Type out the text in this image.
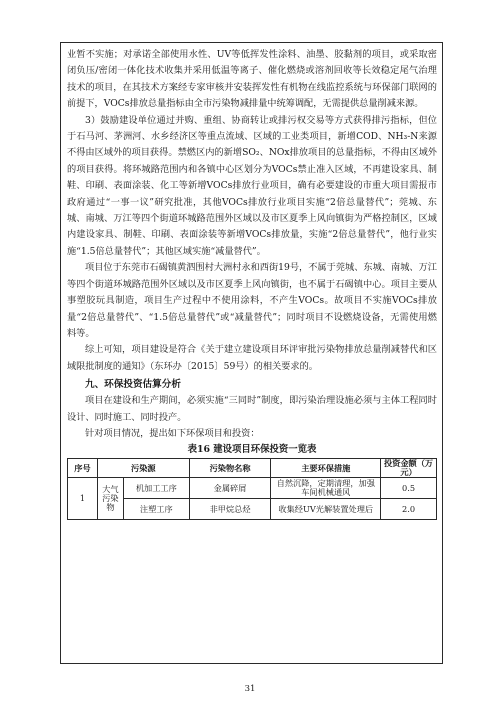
业暂不实施；对承诺全部使用水性、UV等低挥发性涂料、油墨、胶黏剂的项目，或采取密闭负压/密闭一体化技术收集并采用低温等离子、催化燃烧或溶剂回收等长效稳定尾气治理技术的项目，在其技术方案经专家审核并安装挥发性有机物在线监控系统与环保部门联网的前提下，VOCs排放总量指标由全市污染物减排量中统筹调配，无需提供总量削减来源。

3）鼓励建设单位通过并购、重组、协商转让或排污权交易等方式获得排污指标，但位于石马河、茅洲河、水乡经济区等重点流域、区域的工业类项目，新增COD、NH₃-N来源不得由区域外的项目获得。禁燃区内的新增SO₂、NOx排放项目的总量指标，不得由区域外的项目获得。将环城路范围内和各镇中心区划分为VOCs禁止准入区域，不再建设家具、制鞋、印刷、表面涂装、化工等新增VOCs排放行业项目，确有必要建设的市重大项目需报市政府通过“一事一议”研究批准，其他VOCs排放行业项目实施“2倍总量替代”；莞城、东城、南城、万江等四个街道环城路范围外区域以及市区夏季上风向镇街为严格控制区，区域内建设家具、制鞋、印刷、表面涂装等新增VOCs排放量，实施“2倍总量替代”，他行业实施“1.5倍总量替代”；其他区域实施“减量替代”。

项目位于东莞市石碣镇黄泗围村大洲村永和西街19号，不属于莞城、东城、南城、万江等四个街道环城路范围外区域以及市区夏季上风向镇街，也不属于石碣镇中心。项目主要从事塑胶玩具制造，项目生产过程中不使用涂料，不产生VOCs。故项目不实施VOCs排放量“2倍总量替代”、“1.5倍总量替代”或“减量替代”；同时项目不设燃烧设备，无需使用燃料等。

综上可知，项目建设是符合《关于建立建设项目环评审批污染物排放总量削减替代和区域限批制度的通知》（东环办〔2015〕59号）的相关要求的。

九、环保投资估算分析

项目在建设和生产期间，必须实施“三同时”制度，即污染治理设施必须与主体工程同时设计、同时施工、同时投产。

针对项目情况，提出如下环保项目和投资：

表16 建设项目环保投资一览表
序号	污染源		污染物名称	主要环保措施	投资金额（万元）
1	大气污染物	机加工工序	金属碎屑	自然沉降，定期清理，加强车间机械通风	0.5
		注塑工序	非甲烷总烃	收集经UV光解装置处理后	2.0
31
